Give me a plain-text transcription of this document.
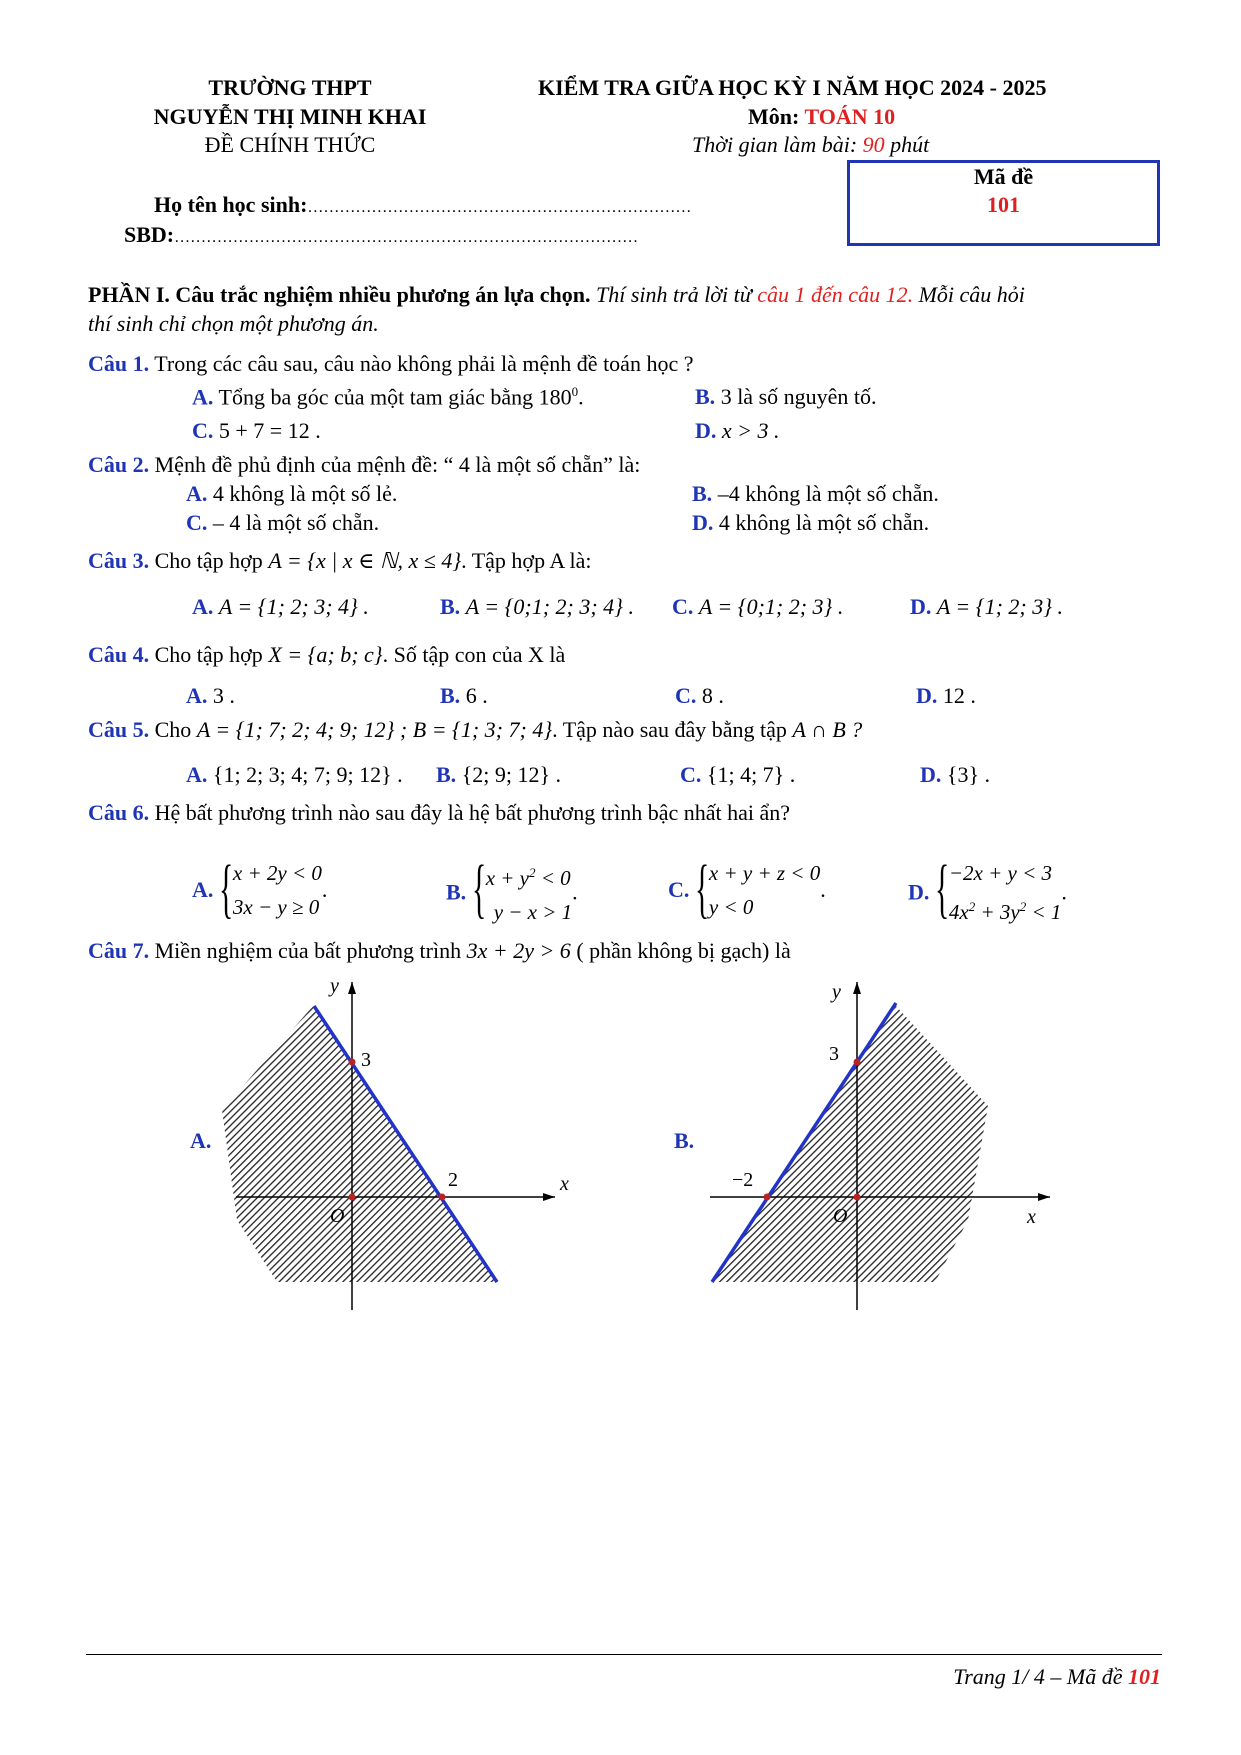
TRƯỜNG THPT
NGUYỄN THỊ MINH KHAI
ĐỀ CHÍNH THỨC
KIỂM TRA GIỮA HỌC KỲ I NĂM HỌC 2024 - 2025
Môn: TOÁN 10
Thời gian làm bài: 90 phút
Mã đề
101
Họ tên học sinh:………………………………………………………………
SBD:……………………………………………………………………………
PHẦN I. Câu trắc nghiệm nhiều phương án lựa chọn. Thí sinh trả lời từ câu 1 đến câu 12. Mỗi câu hỏi
thí sinh chỉ chọn một phương án.
Câu 1. Trong các câu sau, câu nào không phải là mệnh đề toán học ?
A. Tổng ba góc của một tam giác bằng $180^0$.	B. 3 là số nguyên tố.
C. 5 + 7 = 12 .	D. x > 3 .
Câu 2. Mệnh đề phủ định của mệnh đề: “ 4 là một số chẵn” là:
A. 4 không là một số lẻ.	B. –4 không là một số chẵn.
C. – 4 là một số chẵn.	D. 4 không là một số chẵn.
Câu 3. Cho tập hợp A = {x | x ∈ ℕ, x ≤ 4}. Tập hợp A là:
A. A = {1; 2; 3; 4} .	B. A = {0;1; 2; 3; 4} . C. A = {0;1; 2; 3} .	D. A = {1; 2; 3} .
Câu 4. Cho tập hợp X = {a; b; c}. Số tập con của X là
A. 3 .	B. 6 .	C. 8 .	D. 12 .
Câu 5. Cho A = {1; 7; 2; 4; 9; 12} ; B = {1; 3; 7; 4}. Tập nào sau đây bằng tập A ∩ B ?
A. {1; 2; 3; 4; 7; 9; 12} . B. {2; 9; 12} .	C. {1; 4; 7} .	D. {3} .
Câu 6. Hệ bất phương trình nào sau đây là hệ bất phương trình bậc nhất hai ẩn?
A. { x + 2y < 0
3x − y ≥ 0
.	B. { $x + y^2 < 0$
y − x > 1
.	C. { x + y + z < 0
y < 0
.	D. { −2x + y < 3
$4x^2 + 3y^2 < 1$
.
Câu 7. Miền nghiệm của bất phương trình 3x + 2y > 6 ( phần không bị gạch) là
A.
y
x
O
3
2
B.
y
x
O
3
−2
Trang 1/ 4 – Mã đề 101
